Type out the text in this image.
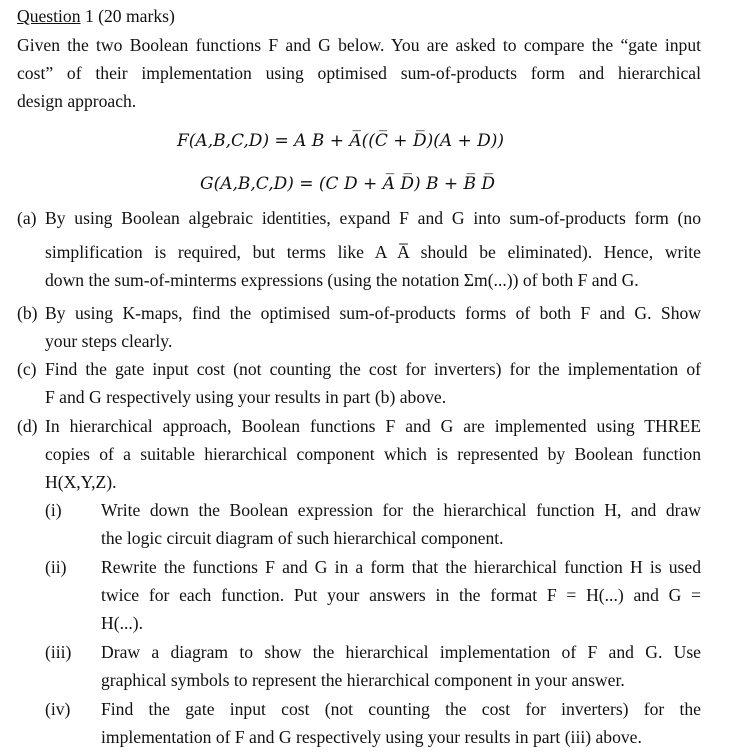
Question 1 (20 marks)
Given the two Boolean functions F and G below. You are asked to compare the “gate input
cost” of their implementation using optimised sum-of-products form and hierarchical
design approach.
F(A,B,C,D) = A B + A̅((C̅ + D̅)(A + D))
G(A,B,C,D) = (C D + A̅ D̅) B + B̅ D̅
(a) By using Boolean algebraic identities, expand F and G into sum-of-products form (no
simplification is required, but terms like A A̅ should be eliminated). Hence, write
down the sum-of-minterms expressions (using the notation Σm(...)) of both F and G.
(b) By using K-maps, find the optimised sum-of-products forms of both F and G. Show
your steps clearly.
(c) Find the gate input cost (not counting the cost for inverters) for the implementation of
F and G respectively using your results in part (b) above.
(d) In hierarchical approach, Boolean functions F and G are implemented using THREE
copies of a suitable hierarchical component which is represented by Boolean function
H(X,Y,Z).
(i) Write down the Boolean expression for the hierarchical function H, and draw
the logic circuit diagram of such hierarchical component.
(ii) Rewrite the functions F and G in a form that the hierarchical function H is used
twice for each function. Put your answers in the format F = H(...) and G =
H(...).
(iii) Draw a diagram to show the hierarchical implementation of F and G. Use
graphical symbols to represent the hierarchical component in your answer.
(iv) Find the gate input cost (not counting the cost for inverters) for the
implementation of F and G respectively using your results in part (iii) above.
